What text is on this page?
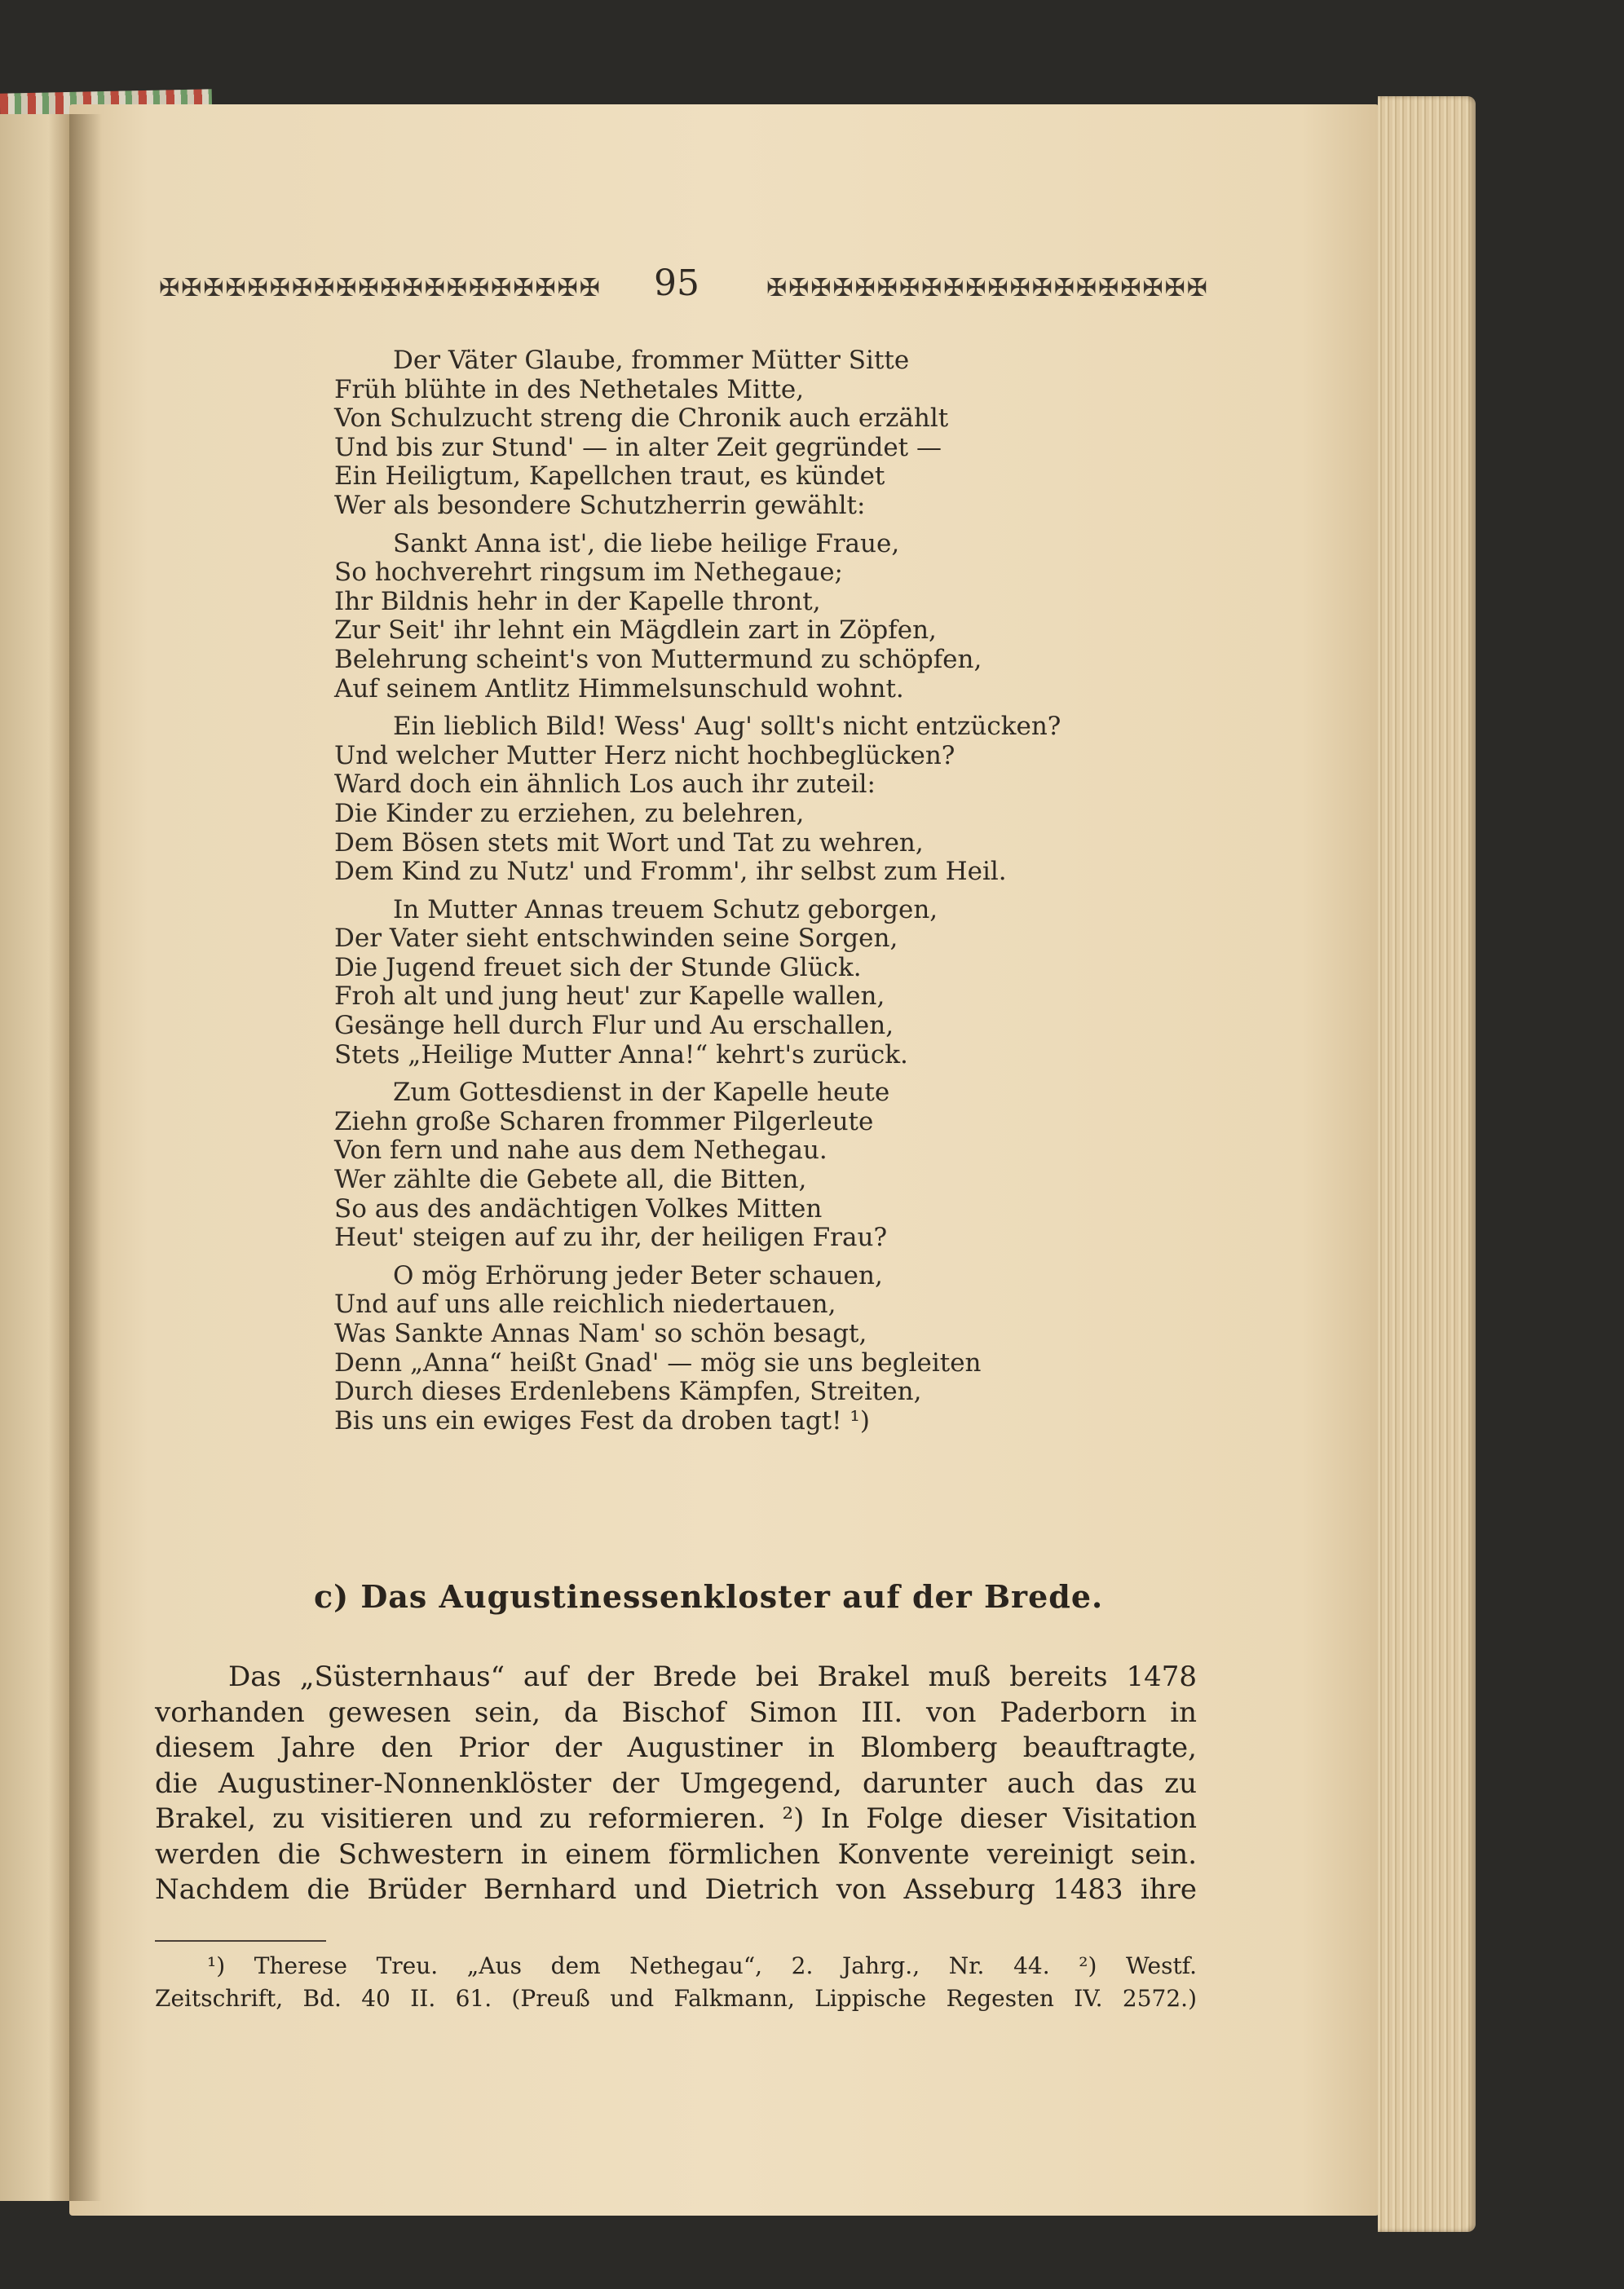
✠✠✠✠✠✠✠✠✠✠✠✠✠✠✠✠✠✠✠✠ 95	✠✠✠✠✠✠✠✠✠✠✠✠✠✠✠✠✠✠✠✠
Der Väter Glaube, frommer Mütter Sitte
Früh blühte in des Nethetales Mitte,
Von Schulzucht streng die Chronik auch erzählt
Und bis zur Stund' — in alter Zeit gegründet —
Ein Heiligtum, Kapellchen traut, es kündet
Wer als besondere Schutzherrin gewählt:
Sankt Anna ist', die liebe heilige Fraue,
So hochverehrt ringsum im Nethegaue;
Ihr Bildnis hehr in der Kapelle thront,
Zur Seit' ihr lehnt ein Mägdlein zart in Zöpfen,
Belehrung scheint's von Muttermund zu schöpfen,
Auf seinem Antlitz Himmelsunschuld wohnt.
Ein lieblich Bild! Wess' Aug' sollt's nicht entzücken?
Und welcher Mutter Herz nicht hochbeglücken?
Ward doch ein ähnlich Los auch ihr zuteil:
Die Kinder zu erziehen, zu belehren,
Dem Bösen stets mit Wort und Tat zu wehren,
Dem Kind zu Nutz' und Fromm', ihr selbst zum Heil.
In Mutter Annas treuem Schutz geborgen,
Der Vater sieht entschwinden seine Sorgen,
Die Jugend freuet sich der Stunde Glück.
Froh alt und jung heut' zur Kapelle wallen,
Gesänge hell durch Flur und Au erschallen,
Stets „Heilige Mutter Anna!“ kehrt's zurück.
Zum Gottesdienst in der Kapelle heute
Ziehn große Scharen frommer Pilgerleute
Von fern und nahe aus dem Nethegau.
Wer zählte die Gebete all, die Bitten,
So aus des andächtigen Volkes Mitten
Heut' steigen auf zu ihr, der heiligen Frau?
O mög Erhörung jeder Beter schauen,
Und auf uns alle reichlich niedertauen,
Was Sankte Annas Nam' so schön besagt,
Denn „Anna“ heißt Gnad' — mög sie uns begleiten
Durch dieses Erdenlebens Kämpfen, Streiten,
Bis uns ein ewiges Fest da droben tagt! ¹)
c) Das Augustinessenkloster auf der Brede.
Das „Süsternhaus“ auf der Brede bei Brakel muß bereits 1478
vorhanden gewesen sein, da Bischof Simon III. von Paderborn in
diesem Jahre den Prior der Augustiner in Blomberg beauftragte,
die Augustiner-Nonnenklöster der Umgegend, darunter auch das zu
Brakel, zu visitieren und zu reformieren. ²) In Folge dieser Visitation
werden die Schwestern in einem förmlichen Konvente vereinigt sein.
Nachdem die Brüder Bernhard und Dietrich von Asseburg 1483 ihre
¹) Therese Treu. „Aus dem Nethegau“, 2. Jahrg., Nr. 44. ²) Westf.
Zeitschrift, Bd. 40 II. 61. (Preuß und Falkmann, Lippische Regesten IV. 2572.)
